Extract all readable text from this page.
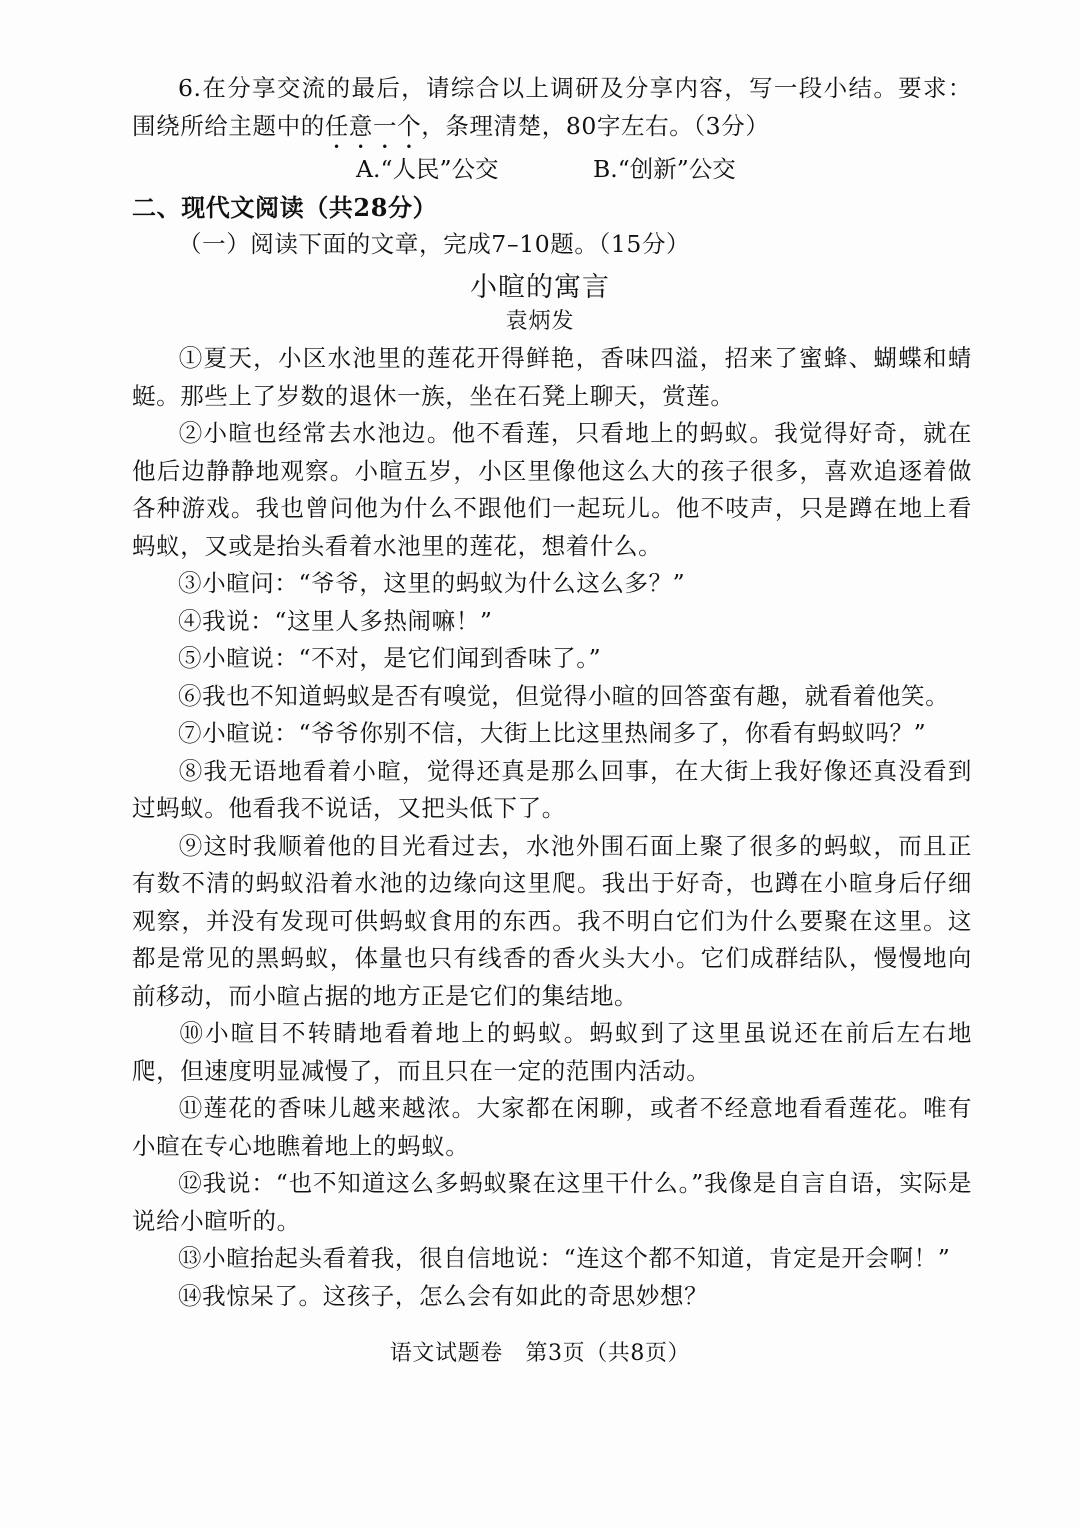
6.在分享交流的最后，请综合以上调研及分享内容，写一段小结。要求：围绕所给主题中的任意一个，条理清楚，80字左右。（3分）
A.“人民”公交	B.“创新”公交
二、现代文阅读（共28分）
（一）阅读下面的文章，完成7–10题。（15分）
小暄的寓言
袁炳发

①夏天，小区水池里的莲花开得鲜艳，香味四溢，招来了蜜蜂、蝴蝶和蜻蜓。那些上了岁数的退休一族，坐在石凳上聊天，赏莲。

②小暄也经常去水池边。他不看莲，只看地上的蚂蚁。我觉得好奇，就在他后边静静地观察。小暄五岁，小区里像他这么大的孩子很多，喜欢追逐着做各种游戏。我也曾问他为什么不跟他们一起玩儿。他不吱声，只是蹲在地上看蚂蚁，又或是抬头看着水池里的莲花，想着什么。

③小暄问：“爷爷，这里的蚂蚁为什么这么多？”

④我说：“这里人多热闹嘛！”

⑤小暄说：“不对，是它们闻到香味了。”

⑥我也不知道蚂蚁是否有嗅觉，但觉得小暄的回答蛮有趣，就看着他笑。

⑦小暄说：“爷爷你别不信，大街上比这里热闹多了，你看有蚂蚁吗？”

⑧我无语地看着小暄，觉得还真是那么回事，在大街上我好像还真没看到过蚂蚁。他看我不说话，又把头低下了。

⑨这时我顺着他的目光看过去，水池外围石面上聚了很多的蚂蚁，而且正有数不清的蚂蚁沿着水池的边缘向这里爬。我出于好奇，也蹲在小暄身后仔细观察，并没有发现可供蚂蚁食用的东西。我不明白它们为什么要聚在这里。这都是常见的黑蚂蚁，体量也只有线香的香火头大小。它们成群结队，慢慢地向前移动，而小暄占据的地方正是它们的集结地。

⑩小暄目不转睛地看着地上的蚂蚁。蚂蚁到了这里虽说还在前后左右地爬，但速度明显减慢了，而且只在一定的范围内活动。

⑪莲花的香味儿越来越浓。大家都在闲聊，或者不经意地看看莲花。唯有小暄在专心地瞧着地上的蚂蚁。

⑫我说：“也不知道这么多蚂蚁聚在这里干什么。”我像是自言自语，实际是说给小暄听的。

⑬小暄抬起头看着我，很自信地说：“连这个都不知道，肯定是开会啊！”

⑭我惊呆了。这孩子，怎么会有如此的奇思妙想？

语文试题卷　第3页（共8页）
